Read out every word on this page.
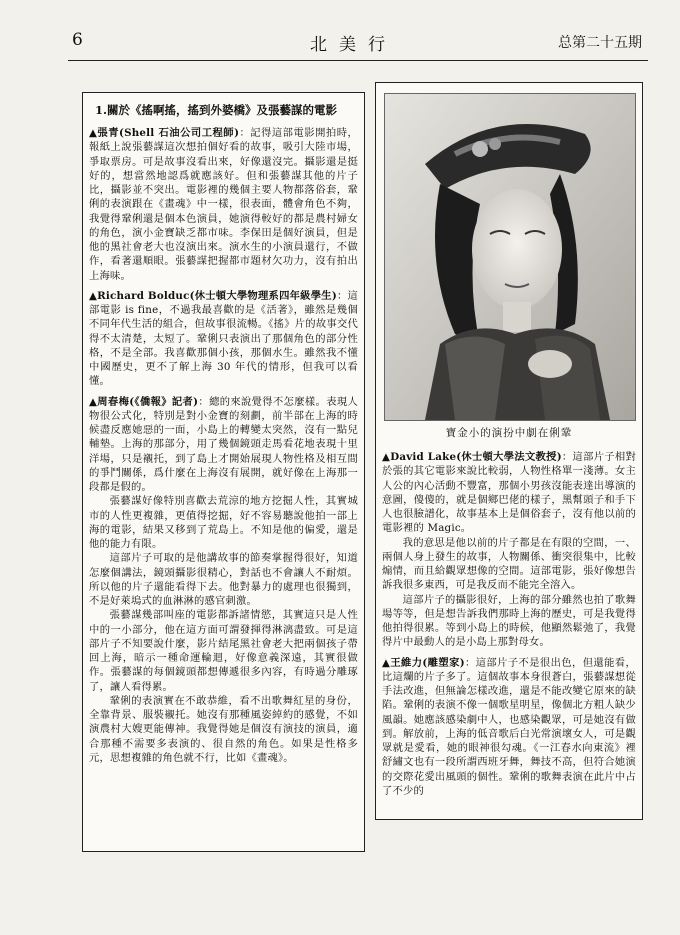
6	北美行	总第二十五期
1.關於《搖啊搖，搖到外婆橋》及張藝謀的電影

▲張青(Shell 石油公司工程師)：記得這部電影開拍時，報紙上說張藝謀這次想拍個好看的故事，吸引大陸市場，爭取票房。可是故事沒看出來，好像還沒完。攝影還是挺好的，想當然地認爲就應該好。但和張藝謀其他的片子比，攝影並不突出。電影裡的幾個主要人物都落俗套，鞏俐的表演跟在《畫魂》中一樣，很表面，體會角色不夠，我覺得鞏俐還是個本色演員，她演得較好的都是農村婦女的角色，演小金寶缺乏都市味。李保田是個好演員，但是他的黑社會老大也沒演出來。演水生的小演員還行，不做作，看著還順眼。張藝謀把握都市題材欠功力，沒有拍出上海味。

▲Richard Bolduc(休士頓大學物理系四年級學生)：這部電影 is fine，不過我最喜歡的是《活著》，雖然是幾個不同年代生活的組合，但故事很流暢。《搖》片的故事交代得不太清楚，太短了。鞏俐只表演出了那個角色的部分性格，不是全部。我喜歡那個小孩，那個水生。雖然我不懂中國歷史，更不了解上海 30 年代的情形，但我可以看懂。

▲周春梅(《僑報》記者)：總的來說覺得不怎麼樣。表現人物很公式化，特別是對小金寶的刻劃，前半部在上海的時候盡反應她惡的一面，小島上的轉變太突然，沒有一點兒輔墊。上海的那部分，用了幾個鏡頭走馬看花地表現十里洋場，只是襯托，到了島上才開始展現人物性格及相互間的爭鬥關係，爲什麼在上海沒有展開，就好像在上海那一段都是假的。

張藝謀好像特別喜歡去荒涼的地方挖掘人性，其實城市的人性更複雜，更值得挖掘，好不容易聽說他拍一部上海的電影，結果又移到了荒島上。不知是他的偏愛，還是他的能力有限。

這部片子可取的是他講故事的節奏掌握得很好，知道怎麼個講法，鏡頭攝影很精心，對話也不會讓人不耐煩。所以他的片子還能看得下去。他對暴力的處理也很獨到，不是好萊塢式的血淋淋的感官刺激。

張藝謀幾部叫座的電影都訴諸情慾，其實這只是人性中的一小部分，他在這方面可謂發揮得淋漓盡致。可是這部片子不知要說什麼，影片結尾黑社會老大把兩個孩子帶回上海，暗示一種命運輪迴，好像意義深遠，其實很做作。張藝謀的每個鏡頭都想傳遞很多內容，有時過分雕琢了，讓人看得累。

鞏俐的表演實在不敢恭維，看不出歌舞紅星的身份，全靠背景、服裝襯托。她沒有那種風姿綽約的感覺，不如演農村大嫂更能傳神。我覺得她是個沒有演技的演員，適合那種不需要多表演的、很自然的角色。如果是性格多元，思想複雜的角色就不行，比如《畫魂》。

寶金小的演扮中劇在俐鞏

▲David Lake(休士頓大學法文教授)：這部片子相對於張的其它電影來說比較弱，人物性格單一淺薄。女主人公的內心活動不豐富，那個小男孩沒能表達出導演的意圖，傻傻的，就是個鄉巴佬的樣子，黑幫頭子和手下人也很臉譜化，故事基本上是個俗套子，沒有他以前的電影裡的 Magic。

我的意思是他以前的片子都是在有限的空間，一、兩個人身上發生的故事，人物關係、衝突很集中，比較煽情，而且給觀眾想像的空間。這部電影，張好像想告訴我很多東西，可是我反而不能完全溶入。

這部片子的攝影很好，上海的部分雖然也拍了歌舞場等等，但是想告訴我們那時上海的歷史，可是我覺得他拍得很累。等到小島上的時候，他顯然鬆弛了，我覺得片中最動人的是小島上那對母女。

▲王維力(雕塑家)：這部片子不是很出色，但還能看，比這爛的片子多了。這個故事本身很蒼白，張藝謀想從手法改進，但無論怎樣改進，還是不能改變它原來的缺陷。鞏俐的表演不像一個歌星明星，像個北方粗人缺少風韻。她應該感染劇中人，也感染觀眾，可是她沒有做到。解放前，上海的低音歌后白光常演壞女人，可是觀眾就是愛看，她的眼神很勾魂。《一江春水向東流》裡舒繡文也有一段所謂西班牙舞，舞技不高，但符合她演的交際花愛出風頭的個性。鞏俐的歌舞表演在此片中占了不少的
